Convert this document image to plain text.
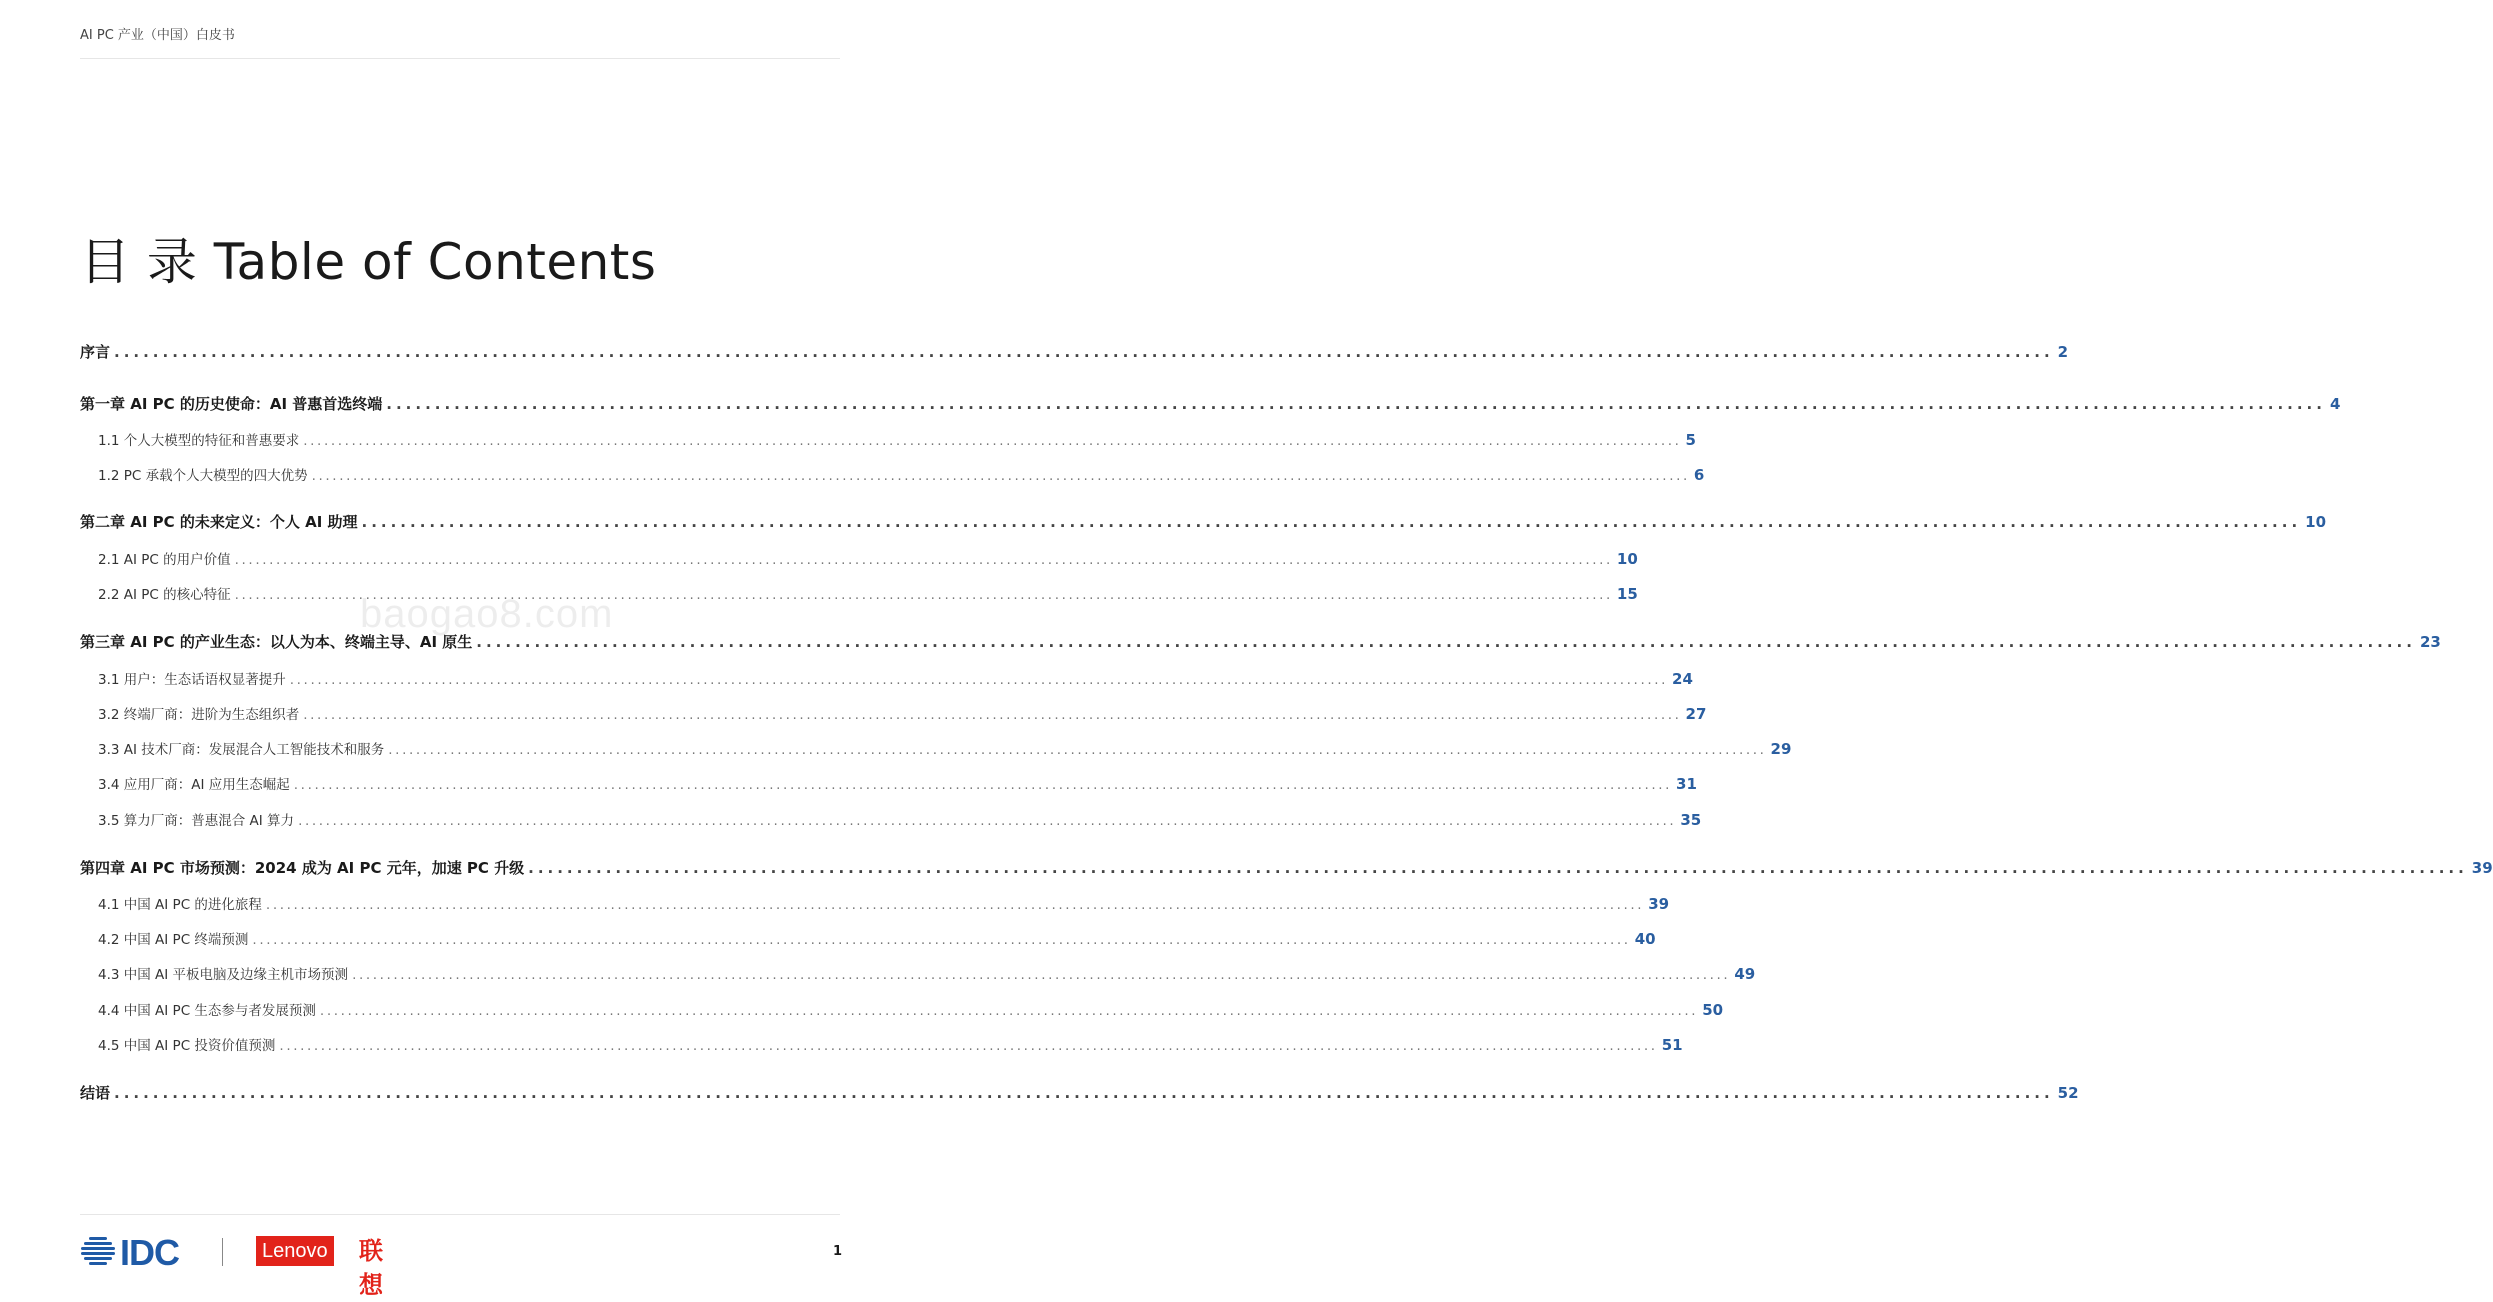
AI PC 产业（中国）白皮书
目 录 Table of Contents
baogao8.com
序言 ........................................................................................................................................................................................................ 2
第一章 AI PC 的历史使命：AI 普惠首选终端 ........................................................................................................................................................................................................ 4
1.1 个人大模型的特征和普惠要求 ........................................................................................................................................................................................................ 5
1.2 PC 承载个人大模型的四大优势 ........................................................................................................................................................................................................ 6
第二章 AI PC 的未来定义：个人 AI 助理 ........................................................................................................................................................................................................ 10
2.1 AI PC 的用户价值 ........................................................................................................................................................................................................ 10
2.2 AI PC 的核心特征 ........................................................................................................................................................................................................ 15
第三章 AI PC 的产业生态：以人为本、终端主导、AI 原生 ........................................................................................................................................................................................................ 23
3.1 用户：生态话语权显著提升 ........................................................................................................................................................................................................ 24
3.2 终端厂商：进阶为生态组织者 ........................................................................................................................................................................................................ 27
3.3 AI 技术厂商：发展混合人工智能技术和服务 ........................................................................................................................................................................................................ 29
3.4 应用厂商：AI 应用生态崛起 ........................................................................................................................................................................................................ 31
3.5 算力厂商：普惠混合 AI 算力 ........................................................................................................................................................................................................ 35
第四章 AI PC 市场预测：2024 成为 AI PC 元年，加速 PC 升级 ........................................................................................................................................................................................................ 39
4.1 中国 AI PC 的进化旅程 ........................................................................................................................................................................................................ 39
4.2 中国 AI PC 终端预测 ........................................................................................................................................................................................................ 40
4.3 中国 AI 平板电脑及边缘主机市场预测 ........................................................................................................................................................................................................ 49
4.4 中国 AI PC 生态参与者发展预测 ........................................................................................................................................................................................................ 50
4.5 中国 AI PC 投资价值预测 ........................................................................................................................................................................................................ 51
结语 ........................................................................................................................................................................................................ 52
IDC	Lenovo 联想
1
